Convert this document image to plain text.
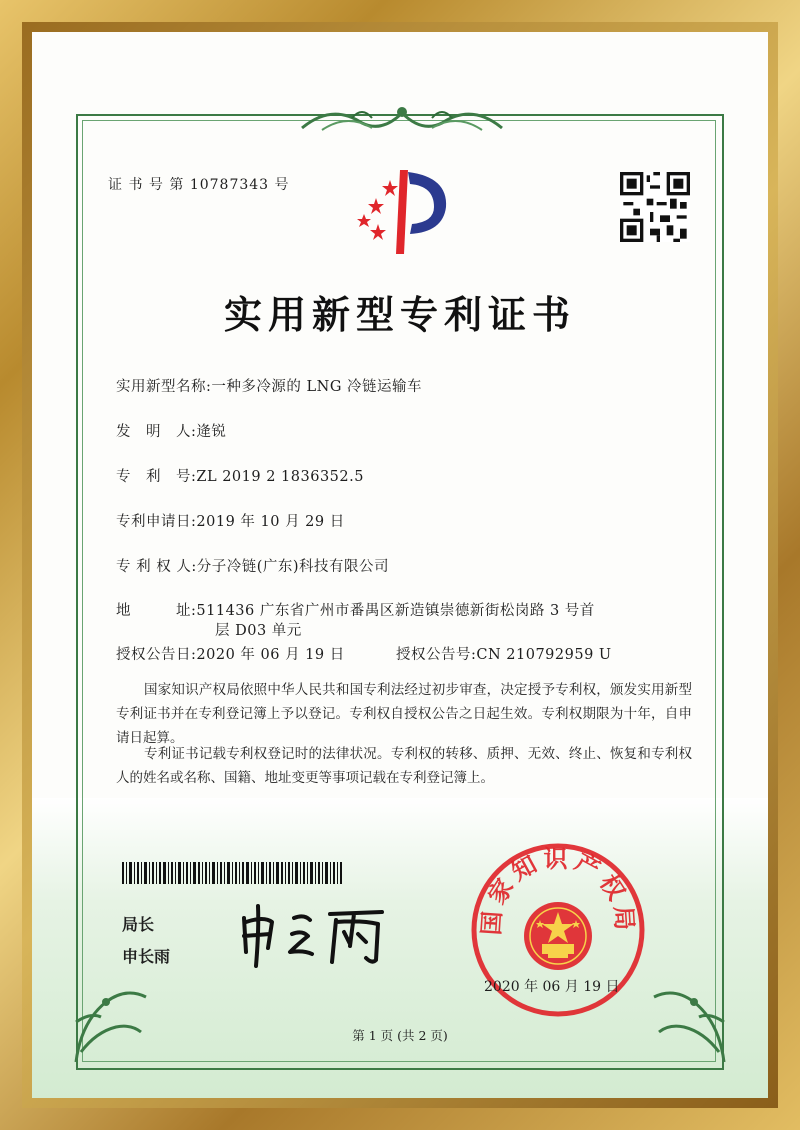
证 书 号 第 10787343 号
实用新型专利证书
实用新型名称:一种多冷源的 LNG 冷链运输车
发　明　人:逄锐
专　利　号:ZL 2019 2 1836352.5
专利申请日:2019 年 10 月 29 日
专 利 权 人:分子冷链(广东)科技有限公司
地　　　址:511436 广东省广州市番禺区新造镇崇德新街松岗路 3 号首
层 D03 单元
授权公告日:2020 年 06 月 19 日	授权公告号:CN 210792959 U
国家知识产权局依照中华人民共和国专利法经过初步审查，决定授予专利权，颁发实用新型专利证书并在专利登记簿上予以登记。专利权自授权公告之日起生效。专利权期限为十年，自申请日起算。
专利证书记载专利权登记时的法律状况。专利权的转移、质押、无效、终止、恢复和专利权人的姓名或名称、国籍、地址变更等事项记载在专利登记簿上。
局长
申长雨
国家知识产权局
2020 年 06 月 19 日
第 1 页 (共 2 页)
